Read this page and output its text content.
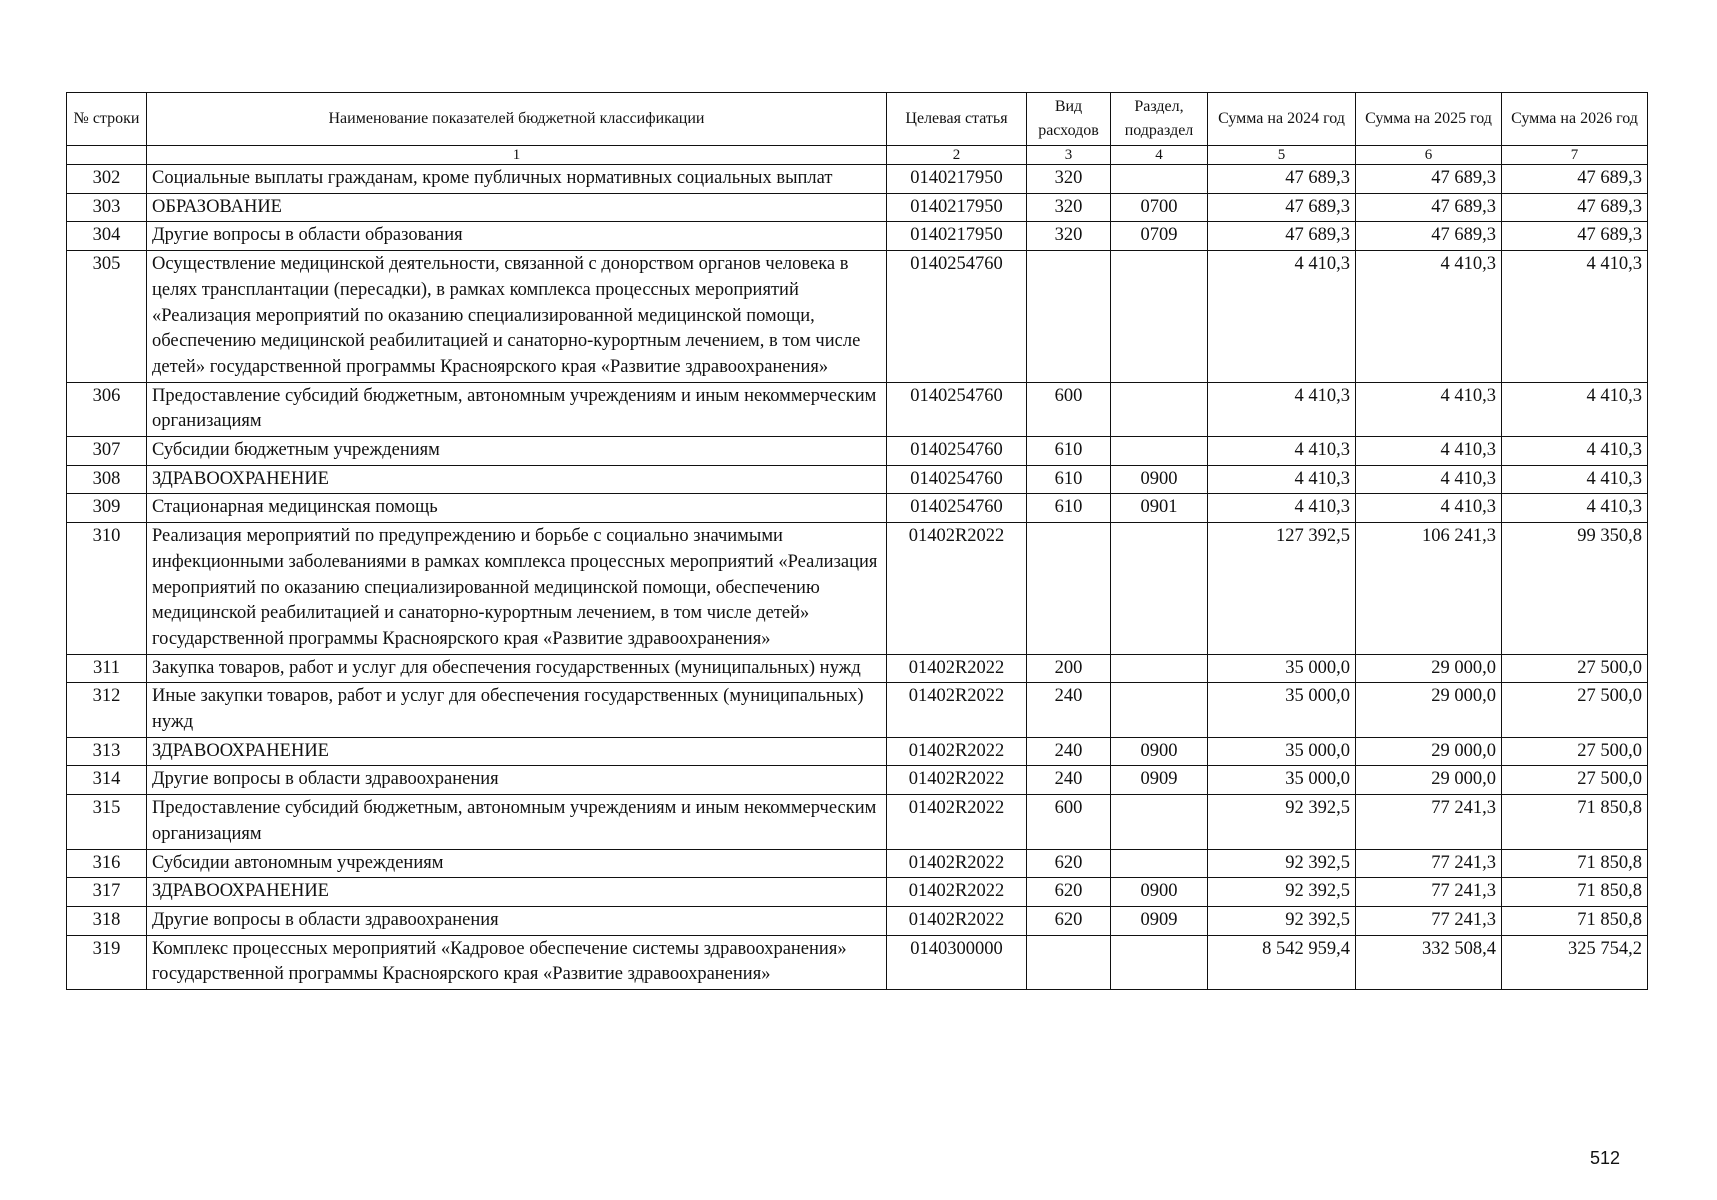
№ строки	Наименование показателей бюджетной классификации	Целевая статья	Вид расходов	Раздел, подраздел	Сумма на 2024 год	Сумма на 2025 год	Сумма на 2026 год
	1	2	3	4	5	6	7
302	Социальные выплаты гражданам, кроме публичных нормативных социальных выплат	0140217950	320		47 689,3	47 689,3	47 689,3
303	ОБРАЗОВАНИЕ	0140217950	320	0700	47 689,3	47 689,3	47 689,3
304	Другие вопросы в области образования	0140217950	320	0709	47 689,3	47 689,3	47 689,3
305	Осуществление медицинской деятельности, связанной с донорством органов человека в целях трансплантации (пересадки), в рамках комплекса процессных мероприятий «Реализация мероприятий по оказанию специализированной медицинской помощи, обеспечению медицинской реабилитацией и санаторно-курортным лечением, в том числе детей» государственной программы Красноярского края «Развитие здравоохранения»	0140254760			4 410,3	4 410,3	4 410,3
306	Предоставление субсидий бюджетным, автономным учреждениям и иным некоммерческим организациям	0140254760	600		4 410,3	4 410,3	4 410,3
307	Субсидии бюджетным учреждениям	0140254760	610		4 410,3	4 410,3	4 410,3
308	ЗДРАВООХРАНЕНИЕ	0140254760	610	0900	4 410,3	4 410,3	4 410,3
309	Стационарная медицинская помощь	0140254760	610	0901	4 410,3	4 410,3	4 410,3
310	Реализация мероприятий по предупреждению и борьбе с социально значимыми инфекционными заболеваниями в рамках комплекса процессных мероприятий «Реализация мероприятий по оказанию специализированной медицинской помощи, обеспечению медицинской реабилитацией и санаторно-курортным лечением, в том числе детей» государственной программы Красноярского края «Развитие здравоохранения»	01402R2022			127 392,5	106 241,3	99 350,8
311	Закупка товаров, работ и услуг для обеспечения государственных (муниципальных) нужд	01402R2022	200		35 000,0	29 000,0	27 500,0
312	Иные закупки товаров, работ и услуг для обеспечения государственных (муниципальных) нужд	01402R2022	240		35 000,0	29 000,0	27 500,0
313	ЗДРАВООХРАНЕНИЕ	01402R2022	240	0900	35 000,0	29 000,0	27 500,0
314	Другие вопросы в области здравоохранения	01402R2022	240	0909	35 000,0	29 000,0	27 500,0
315	Предоставление субсидий бюджетным, автономным учреждениям и иным некоммерческим организациям	01402R2022	600		92 392,5	77 241,3	71 850,8
316	Субсидии автономным учреждениям	01402R2022	620		92 392,5	77 241,3	71 850,8
317	ЗДРАВООХРАНЕНИЕ	01402R2022	620	0900	92 392,5	77 241,3	71 850,8
318	Другие вопросы в области здравоохранения	01402R2022	620	0909	92 392,5	77 241,3	71 850,8
319	Комплекс процессных мероприятий «Кадровое обеспечение системы здравоохранения» государственной программы Красноярского края «Развитие здравоохранения»	0140300000			8 542 959,4	332 508,4	325 754,2
512
